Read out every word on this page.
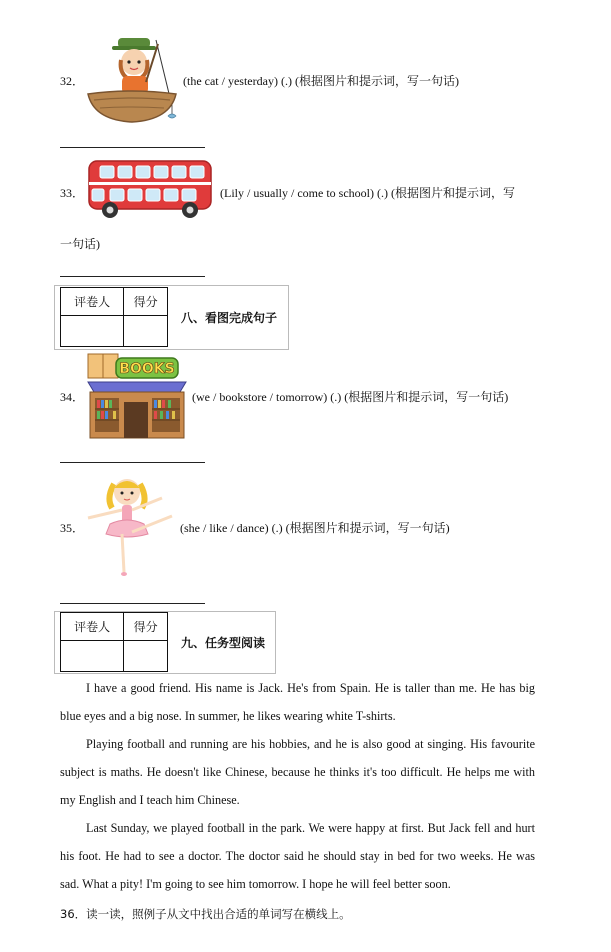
32．	(the cat / yesterday) (.) (根据图片和提示词，写一句话)
33．	(Lily / usually / come to school) (.) (根据图片和提示词，写
一句话)
评卷人	得分

八、看图完成句子
34．
BOOKS
(we / bookstore / tomorrow) (.) (根据图片和提示词，写一句话)
35．	(she / like / dance) (.) (根据图片和提示词，写一句话)
评卷人	得分

九、任务型阅读

I have a good friend. His name is Jack. He's from Spain. He is taller than me. He has big blue eyes and a big nose. In summer, he likes wearing white T-shirts.

Playing football and running are his hobbies, and he is also good at singing. His favourite subject is maths. He doesn't like Chinese, because he thinks it's too difficult. He helps me with my English and I teach him Chinese.

Last Sunday, we played football in the park. We were happy at first. But Jack fell and hurt his foot. He had to see a doctor. The doctor said he should stay in bed for two weeks. He was sad. What a pity! I'm going to see him tomorrow. I hope he will feel better soon.

36．读一读，照例子从文中找出合适的单词写在横线上。
